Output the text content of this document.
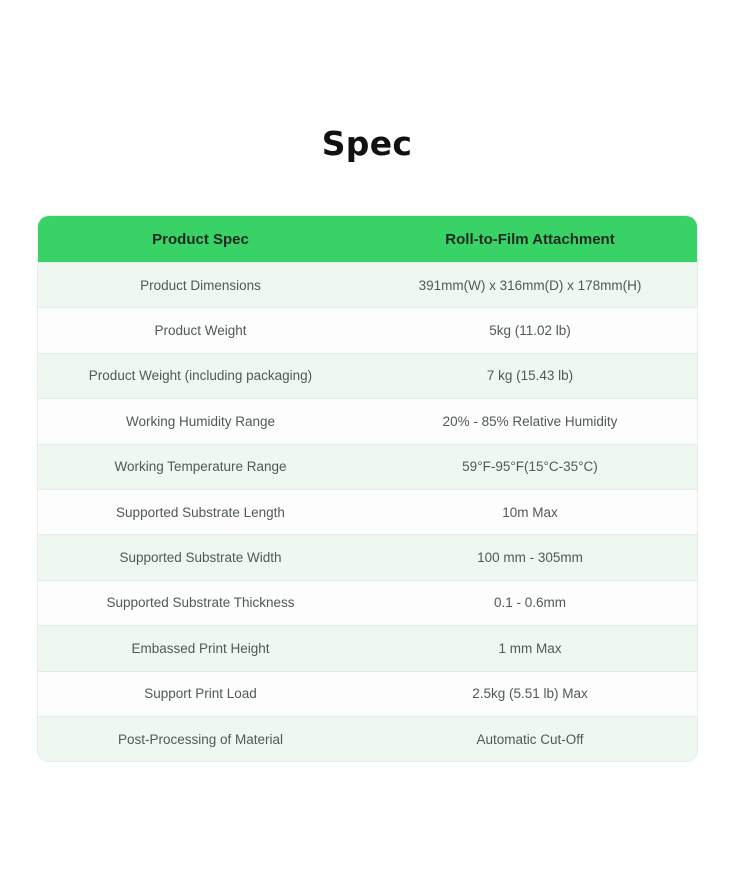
Spec
Product Spec	Roll-to-Film Attachment
Product Dimensions	391mm(W) x 316mm(D) x 178mm(H)
Product Weight	5kg (11.02 lb)
Product Weight (including packaging)	7 kg (15.43 lb)
Working Humidity Range	20% - 85% Relative Humidity
Working Temperature Range	59°F-95°F(15°C-35°C)
Supported Substrate Length	10m Max
Supported Substrate Width	100 mm - 305mm
Supported Substrate Thickness	0.1 - 0.6mm
Embassed Print Height	1 mm Max
Support Print Load	2.5kg (5.51 lb) Max
Post-Processing of Material	Automatic Cut-Off
